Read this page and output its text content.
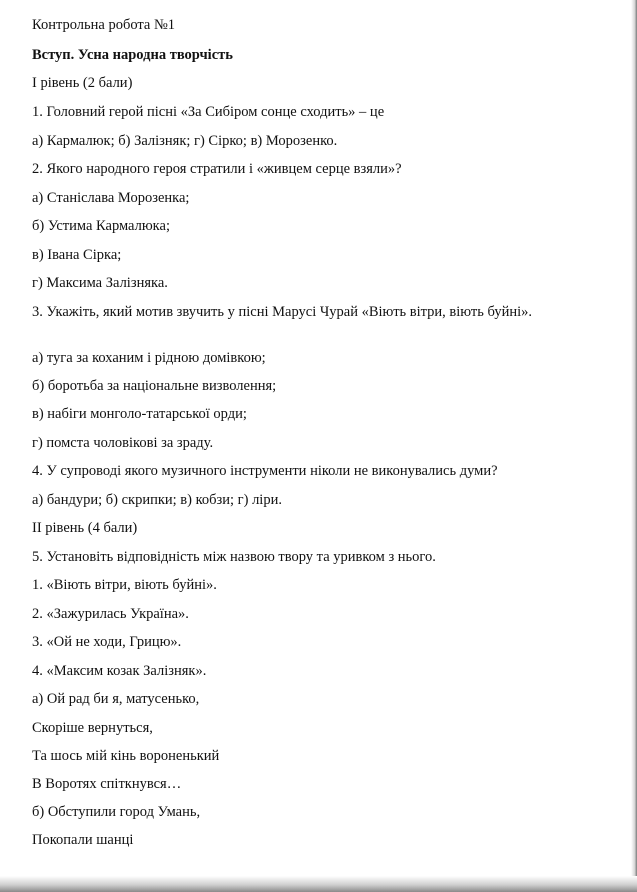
Контрольна робота №1
Вступ. Усна народна творчість
І рівень (2 бали)
1. Головний герой пісні «За Сибіром сонце сходить» – це
а) Кармалюк; б) Залізняк; г) Сірко; в) Морозенко.
2. Якого народного героя стратили і «живцем серце взяли»?
а) Станіслава Морозенка;
б) Устима Кармалюка;
в) Івана Сірка;
г) Максима Залізняка.
3. Укажіть, який мотив звучить у пісні Марусі Чурай «Віють вітри, віють буйні».
а) туга за коханим і рідною домівкою;
б) боротьба за національне визволення;
в) набіги монголо-татарської орди;
г) помста чоловікові за зраду.
4. У супроводі якого музичного інструменти ніколи не виконувались думи?
а) бандури; б) скрипки; в) кобзи; г) ліри.
ІІ рівень (4 бали)
5. Установіть відповідність між назвою твору та уривком з нього.
1. «Віють вітри, віють буйні».
2. «Зажурилась Україна».
3. «Ой не ходи, Грицю».
4. «Максим козак Залізняк».
а) Ой рад би я, матусенько,
Скоріше вернуться,
Та шось мій кінь вороненький
В Воротях спіткнувся…
б) Обступили город Умань,
Покопали шанці
